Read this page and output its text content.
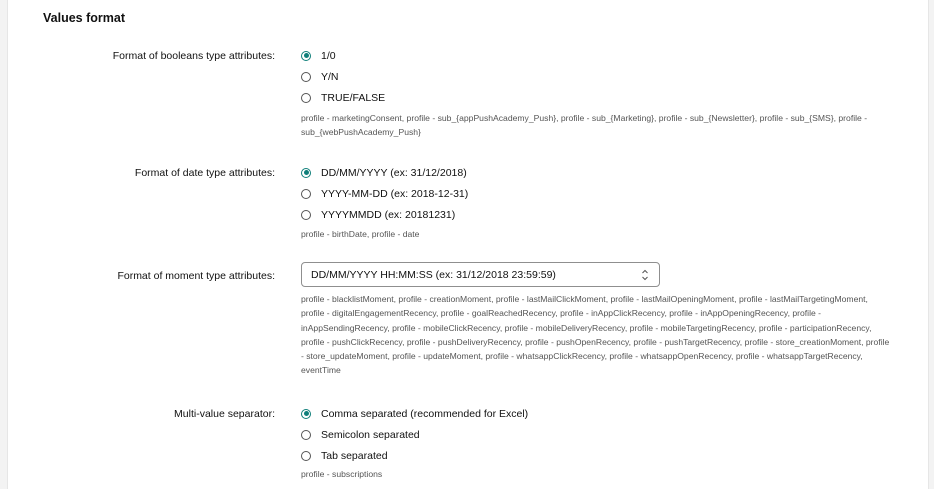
Values format
Format of booleans type attributes:	1/0
Y/N
TRUE/FALSE
profile - marketingConsent, profile - sub_{appPushAcademy_Push}, profile - sub_{Marketing}, profile - sub_{Newsletter}, profile - sub_{SMS}, profile - sub_{webPushAcademy_Push}
Format of date type attributes:	DD/MM/YYYY (ex: 31/12/2018)
YYYY-MM-DD (ex: 2018-12-31)
YYYYMMDD (ex: 20181231)
profile - birthDate, profile - date
Format of moment type attributes:	DD/MM/YYYY HH:MM:SS (ex: 31/12/2018 23:59:59)
profile - blacklistMoment, profile - creationMoment, profile - lastMailClickMoment, profile - lastMailOpeningMoment, profile - lastMailTargetingMoment, profile - digitalEngagementRecency, profile - goalReachedRecency, profile - inAppClickRecency, profile - inAppOpeningRecency, profile - inAppSendingRecency, profile - mobileClickRecency, profile - mobileDeliveryRecency, profile - mobileTargetingRecency, profile - participationRecency, profile - pushClickRecency, profile - pushDeliveryRecency, profile - pushOpenRecency, profile - pushTargetRecency, profile - store_creationMoment, profile - store_updateMoment, profile - updateMoment, profile - whatsappClickRecency, profile - whatsappOpenRecency, profile - whatsappTargetRecency, eventTime
Multi-value separator:	Comma separated (recommended for Excel)
Semicolon separated
Tab separated
profile - subscriptions
